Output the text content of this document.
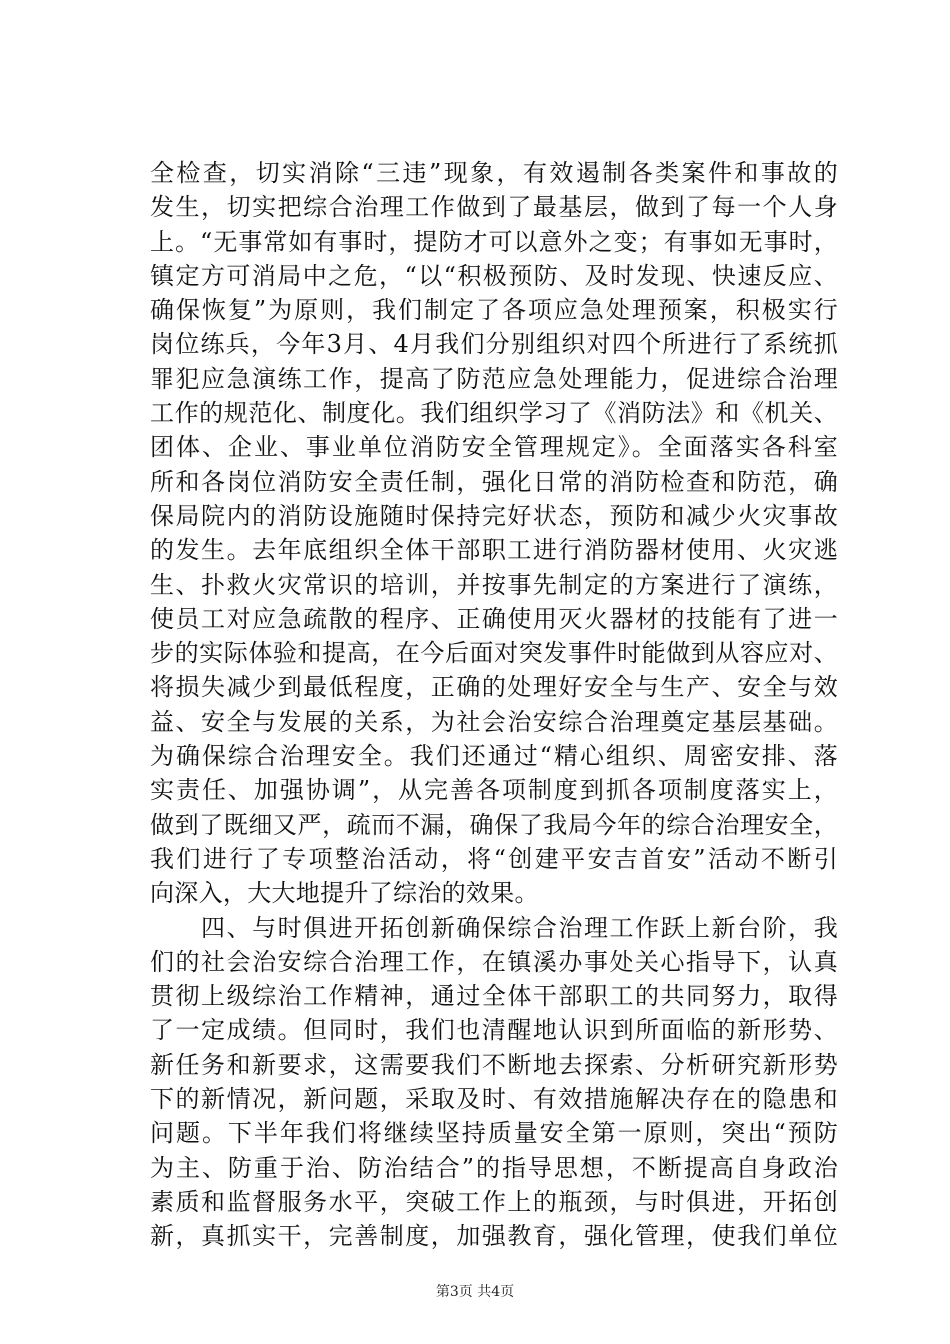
全检查，切实消除“三违”现象，有效遏制各类案件和事故的
发生，切实把综合治理工作做到了最基层，做到了每一个人身
上。“无事常如有事时，提防才可以意外之变；有事如无事时，
镇定方可消局中之危，“以“积极预防、及时发现、快速反应、
确保恢复”为原则，我们制定了各项应急处理预案，积极实行
岗位练兵，今年3月、4月我们分别组织对四个所进行了系统抓
罪犯应急演练工作，提高了防范应急处理能力，促进综合治理
工作的规范化、制度化。我们组织学习了《消防法》和《机关、
团体、企业、事业单位消防安全管理规定》。全面落实各科室
所和各岗位消防安全责任制，强化日常的消防检查和防范，确
保局院内的消防设施随时保持完好状态，预防和减少火灾事故
的发生。去年底组织全体干部职工进行消防器材使用、火灾逃
生、扑救火灾常识的培训，并按事先制定的方案进行了演练，
使员工对应急疏散的程序、正确使用灭火器材的技能有了进一
步的实际体验和提高，在今后面对突发事件时能做到从容应对、
将损失减少到最低程度，正确的处理好安全与生产、安全与效
益、安全与发展的关系，为社会治安综合治理奠定基层基础。
为确保综合治理安全。我们还通过“精心组织、周密安排、落
实责任、加强协调”，从完善各项制度到抓各项制度落实上，
做到了既细又严，疏而不漏，确保了我局今年的综合治理安全，
我们进行了专项整治活动，将“创建平安吉首安”活动不断引
向深入，大大地提升了综治的效果。
　　四、与时俱进开拓创新确保综合治理工作跃上新台阶，我
们的社会治安综合治理工作，在镇溪办事处关心指导下，认真
贯彻上级综治工作精神，通过全体干部职工的共同努力，取得
了一定成绩。但同时，我们也清醒地认识到所面临的新形势、
新任务和新要求，这需要我们不断地去探索、分析研究新形势
下的新情况，新问题，采取及时、有效措施解决存在的隐患和
问题。下半年我们将继续坚持质量安全第一原则，突出“预防
为主、防重于治、防治结合”的指导思想，不断提高自身政治
素质和监督服务水平，突破工作上的瓶颈，与时俱进，开拓创
新，真抓实干，完善制度，加强教育，强化管理，使我们单位
第3页 共4页
